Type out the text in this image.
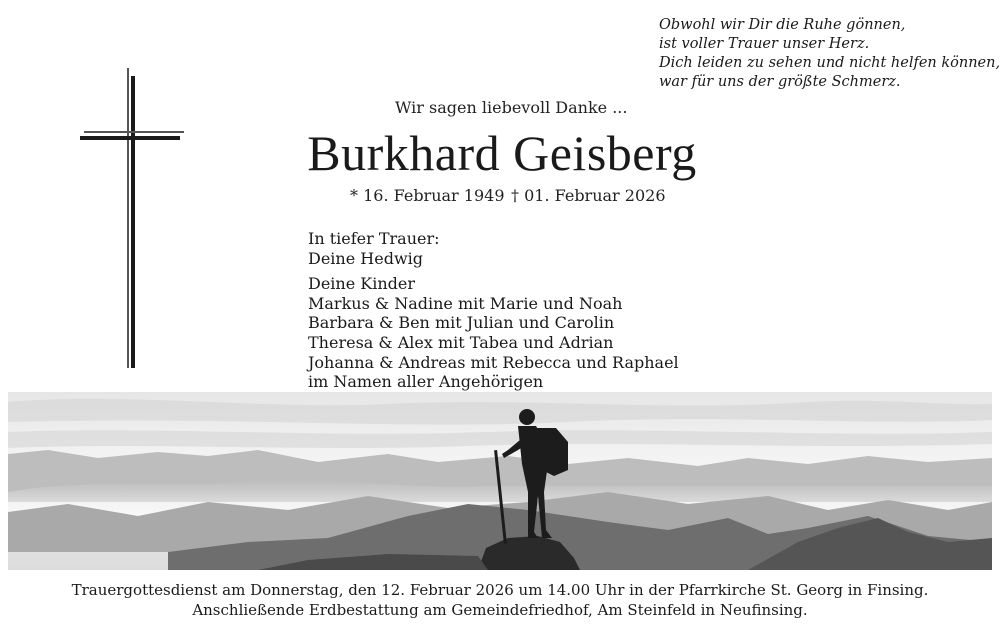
Obwohl wir Dir die Ruhe gönnen,
ist voller Trauer unser Herz.
Dich leiden zu sehen und nicht helfen können,
war für uns der größte Schmerz.
Wir sagen liebevoll Danke ...
Burkhard Geisberg
* 16. Februar 1949 † 01. Februar 2026
In tiefer Trauer:
Deine Hedwig
Deine Kinder
Markus & Nadine mit Marie und Noah
Barbara & Ben mit Julian und Carolin
Theresa & Alex mit Tabea und Adrian
Johanna & Andreas mit Rebecca und Raphael
im Namen aller Angehörigen
Trauergottesdienst am Donnerstag, den 12. Februar 2026 um 14.00 Uhr in der Pfarrkirche St. Georg in Finsing.
Anschließende Erdbestattung am Gemeindefriedhof, Am Steinfeld in Neufinsing.
